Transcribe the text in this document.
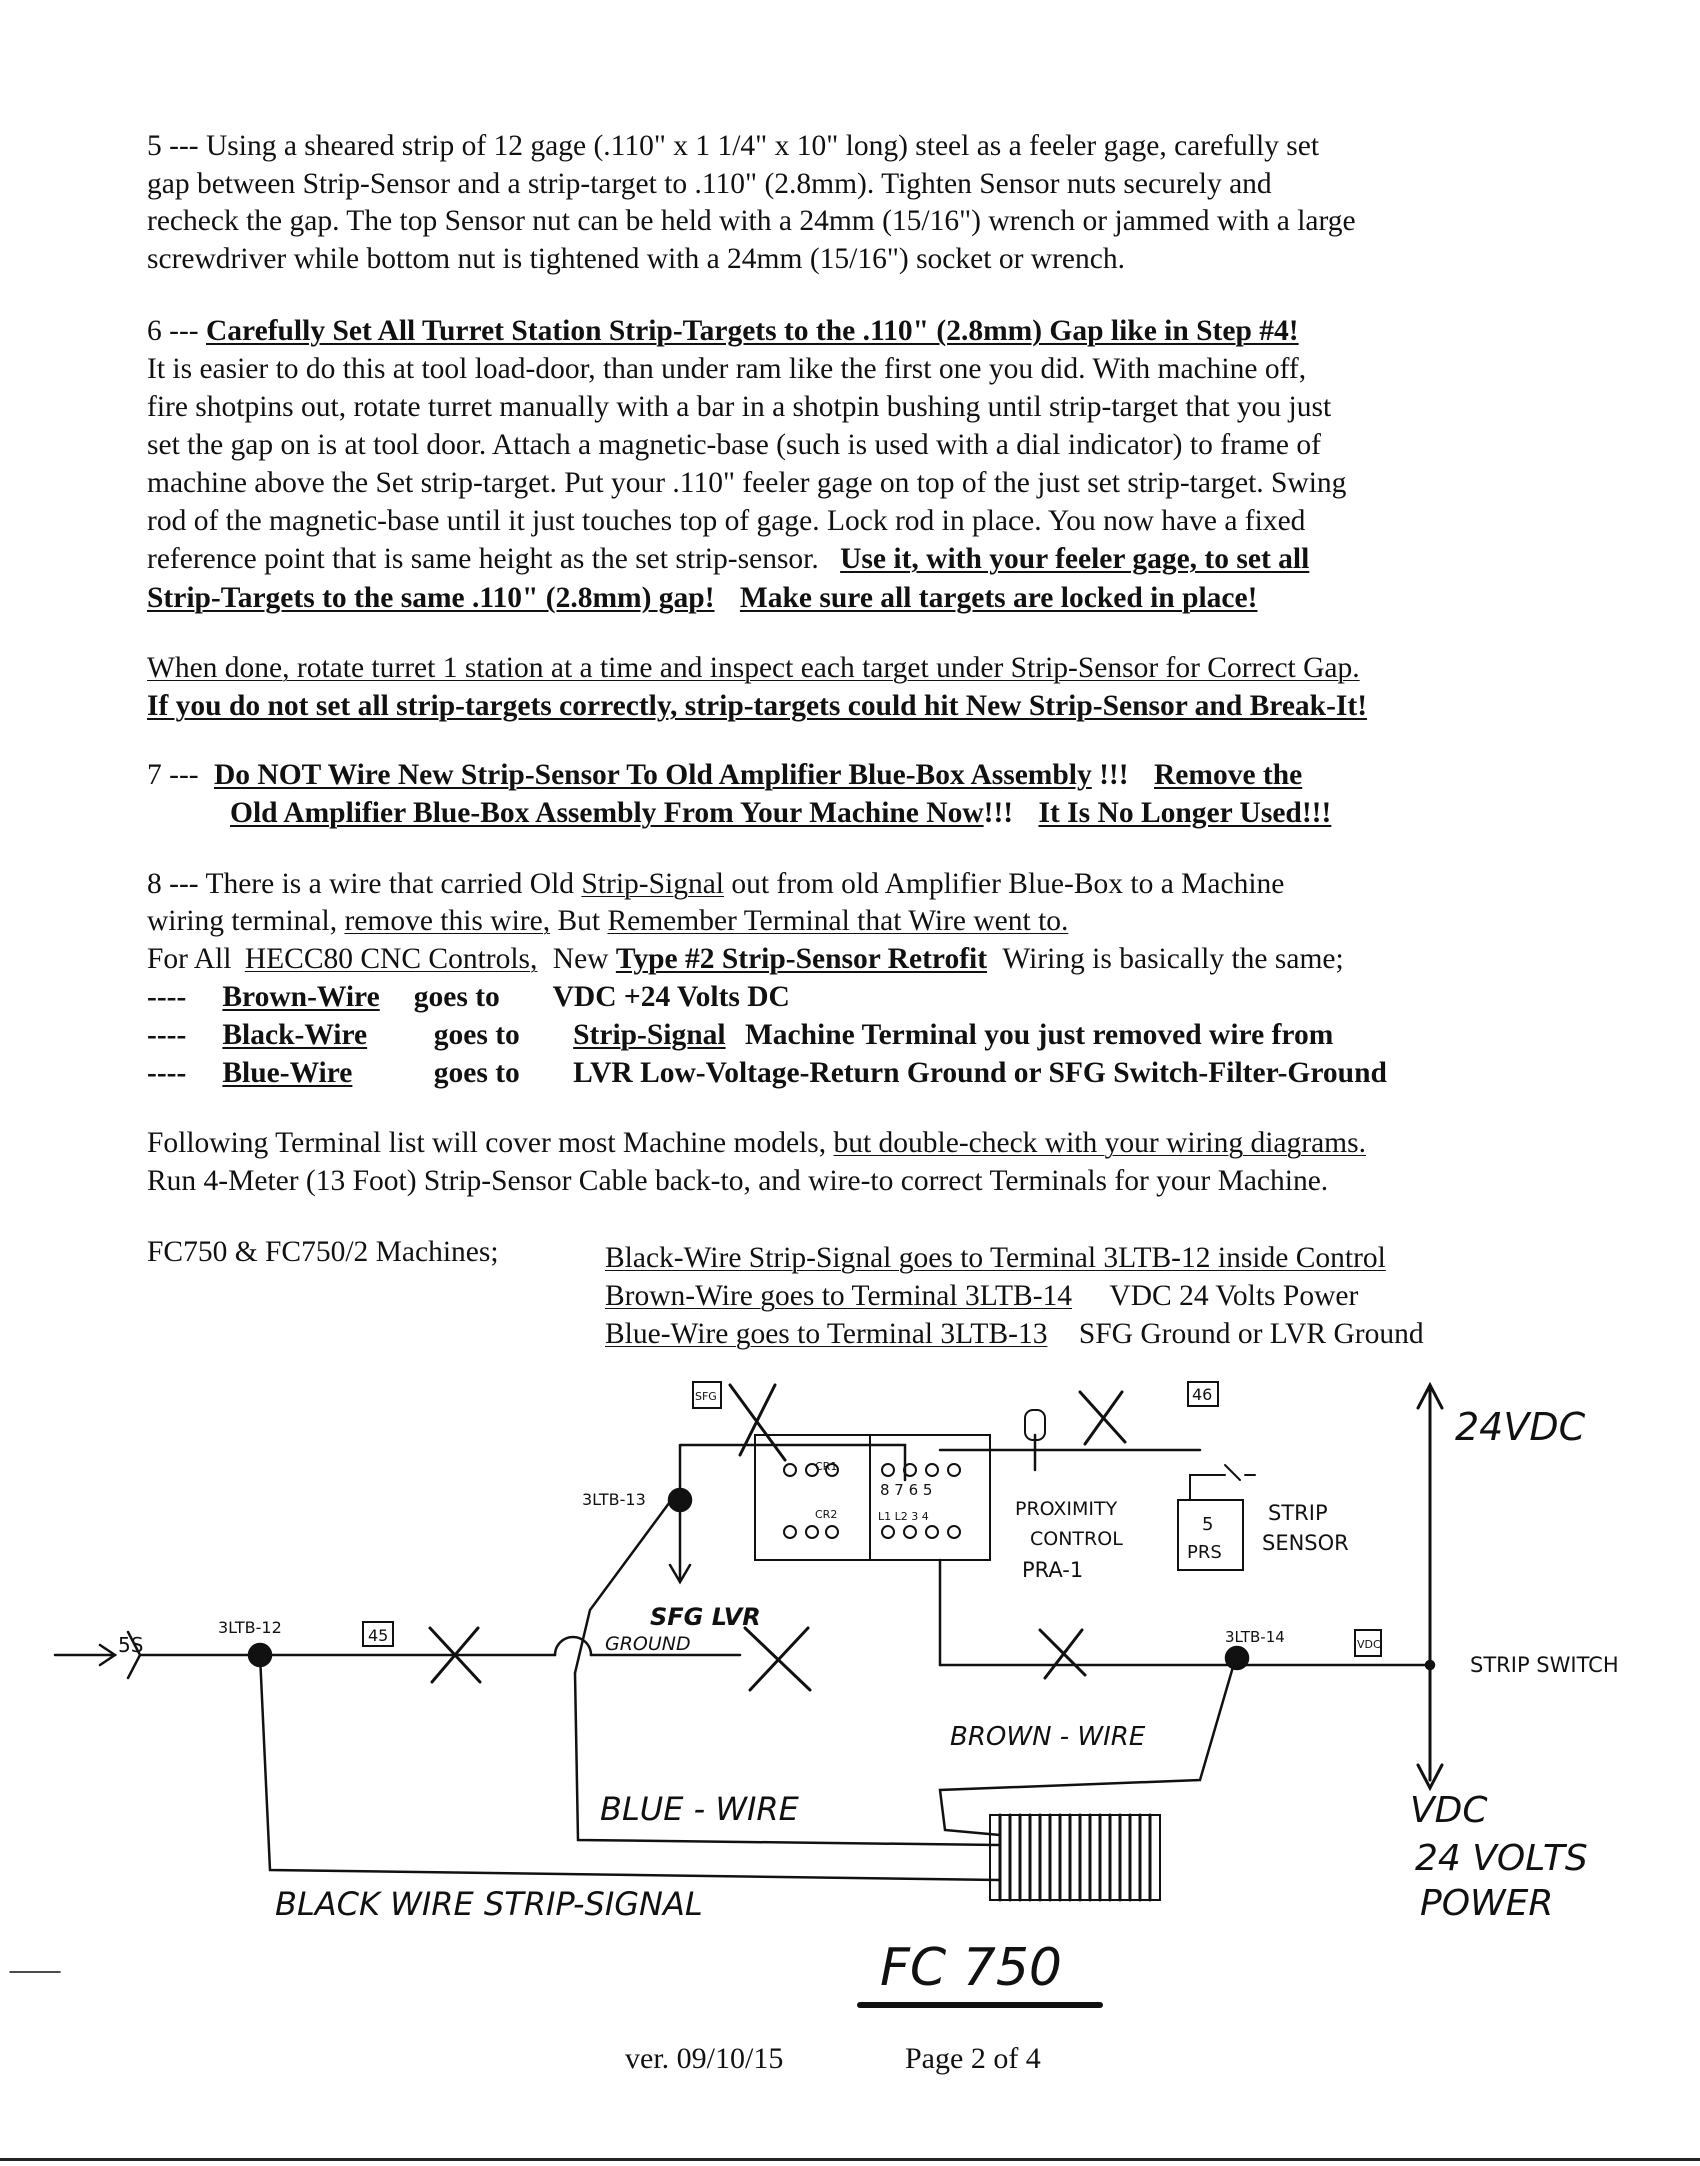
5 --- Using a sheared strip of 12 gage (.110" x 1 1/4" x 10" long) steel as a feeler gage, carefully set
gap between Strip-Sensor and a strip-target to .110" (2.8mm). Tighten Sensor nuts securely and
recheck the gap. The top Sensor nut can be held with a 24mm (15/16") wrench or jammed with a large
screwdriver while bottom nut is tightened with a 24mm (15/16") socket or wrench.
6 --- Carefully Set All Turret Station Strip-Targets to the .110" (2.8mm) Gap like in Step #4!
It is easier to do this at tool load-door, than under ram like the first one you did. With machine off,
fire shotpins out, rotate turret manually with a bar in a shotpin bushing until strip-target that you just
set the gap on is at tool door. Attach a magnetic-base (such is used with a dial indicator) to frame of
machine above the Set strip-target. Put your .110" feeler gage on top of the just set strip-target. Swing
rod of the magnetic-base until it just touches top of gage. Lock rod in place. You now have a fixed
reference point that is same height as the set strip-sensor. Use it, with your feeler gage, to set all
Strip-Targets to the same .110" (2.8mm) gap! Make sure all targets are locked in place!
When done, rotate turret 1 station at a time and inspect each target under Strip-Sensor for Correct Gap.
If you do not set all strip-targets correctly, strip-targets could hit New Strip-Sensor and Break-It!
7 --- Do NOT Wire New Strip-Sensor To Old Amplifier Blue-Box Assembly !!! Remove the
Old Amplifier Blue-Box Assembly From Your Machine Now!!! It Is No Longer Used!!!
8 --- There is a wire that carried Old Strip-Signal out from old Amplifier Blue-Box to a Machine
wiring terminal, remove this wire, But Remember Terminal that Wire went to.
For All HECC80 CNC Controls, New Type #2 Strip-Sensor Retrofit Wiring is basically the same;
---- Brown-Wire goes to VDC +24 Volts DC
---- Black-Wire goes to Strip-Signal Machine Terminal you just removed wire from
---- Blue-Wire	goes to LVR Low-Voltage-Return Ground or SFG Switch-Filter-Ground
Following Terminal list will cover most Machine models, but double-check with your wiring diagrams.
Run 4-Meter (13 Foot) Strip-Sensor Cable back-to, and wire-to correct Terminals for your Machine.
FC750 & FC750/2 Machines;	Black-Wire Strip-Signal goes to Terminal 3LTB-12 inside Control
Brown-Wire goes to Terminal 3LTB-14 VDC 24 Volts Power
Blue-Wire goes to Terminal 3LTB-13 SFG Ground or LVR Ground
5S
3LTB-12	45	3LTB-14	VDC
SFG	46
3LTB-13
CR1
CR2
8 7 6 5
L1 L2 3 4	PROXIMITY
CONTROL
PRA-1
5
PRS
STRIP
SENSOR
SFG LVR
GROUND
24VDC
STRIP SWITCH
BROWN - WIRE
BLUE - WIRE
BLACK WIRE STRIP-SIGNAL
VDC
24 VOLTS
POWER
FC 750
ver. 09/10/15	Page 2 of 4
